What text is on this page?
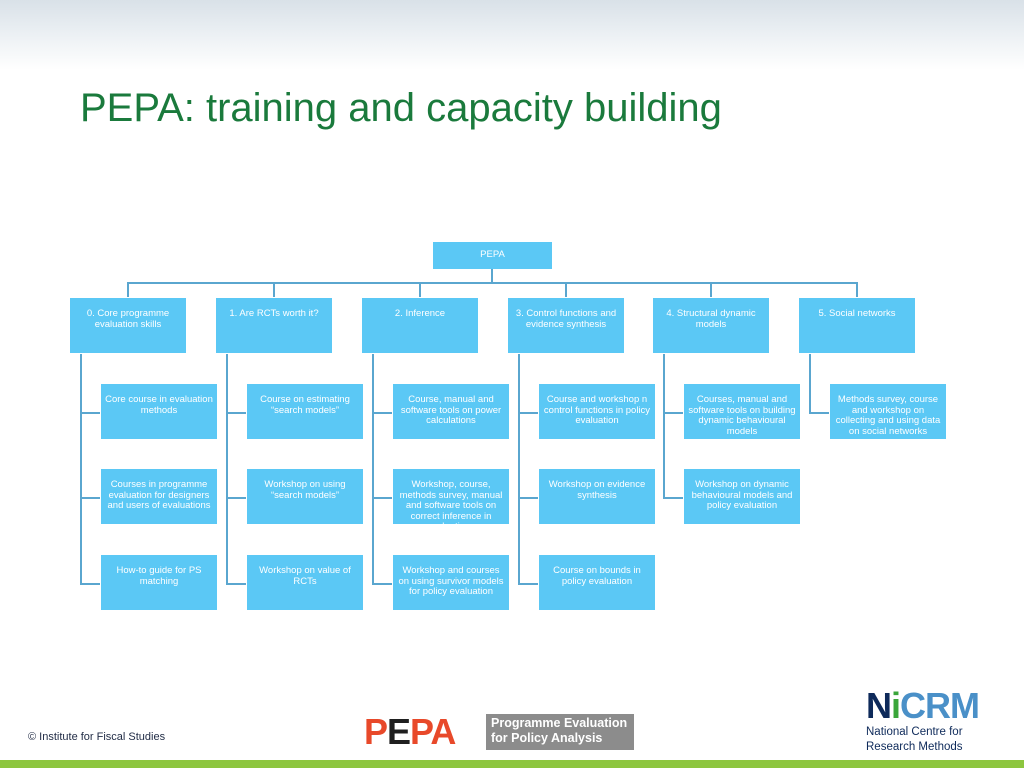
PEPA: training and capacity building
PEPA
0. Core programme evaluation skills
Core course in evaluation methods
Courses in programme evaluation for designers and users of evaluations
How-to guide for PS matching
1. Are RCTs worth it?
Course on estimating “search models”
Workshop on using “search models”
Workshop on value of RCTs
2. Inference
Course, manual and software tools on power calculations
Workshop, course, methods survey, manual and software tools on correct inference in evaluations
Workshop and courses on using survivor models for policy evaluation
3. Control functions and evidence synthesis
Course and workshop n control functions in policy evaluation
Workshop on evidence synthesis
Course on bounds in policy evaluation
4. Structural dynamic models
Courses, manual and software tools on building dynamic behavioural models
Workshop on dynamic behavioural models and policy evaluation
5. Social networks
Methods survey, course and workshop on collecting and using data on social networks
© Institute for Fiscal Studies	PEPA	Programme Evaluation
for Policy Analysis
NiCRM
National Centre for
Research Methods
